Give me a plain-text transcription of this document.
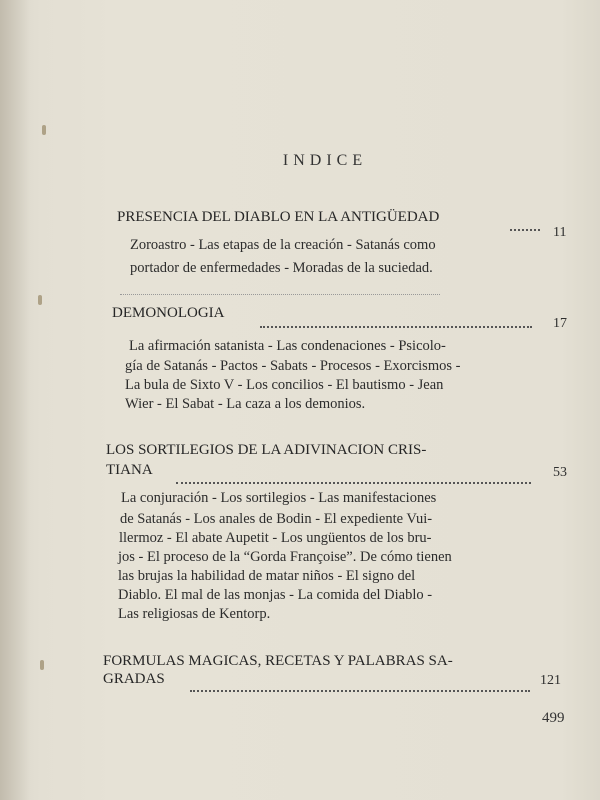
INDICE
PRESENCIA DEL DIABLO EN LA ANTIGÜEDAD
11
Zoroastro - Las etapas de la creación - Satanás como
portador de enfermedades - Moradas de la suciedad.
DEMONOLOGIA
17
La afirmación satanista - Las condenaciones - Psicolo-
gía de Satanás - Pactos - Sabats - Procesos - Exorcismos -
La bula de Sixto V - Los concilios - El bautismo - Jean
Wier - El Sabat - La caza a los demonios.
LOS SORTILEGIOS DE LA ADIVINACION CRIS-
TIANA	53
La conjuración - Los sortilegios - Las manifestaciones
de Satanás - Los anales de Bodin - El expediente Vui-
llermoz - El abate Aupetit - Los ungüentos de los bru-
jos - El proceso de la “Gorda Françoise”. De cómo tienen
las brujas la habilidad de matar niños - El signo del
Diablo. El mal de las monjas - La comida del Diablo -
Las religiosas de Kentorp.
FORMULAS MAGICAS, RECETAS Y PALABRAS SA-
GRADAS	121
499
